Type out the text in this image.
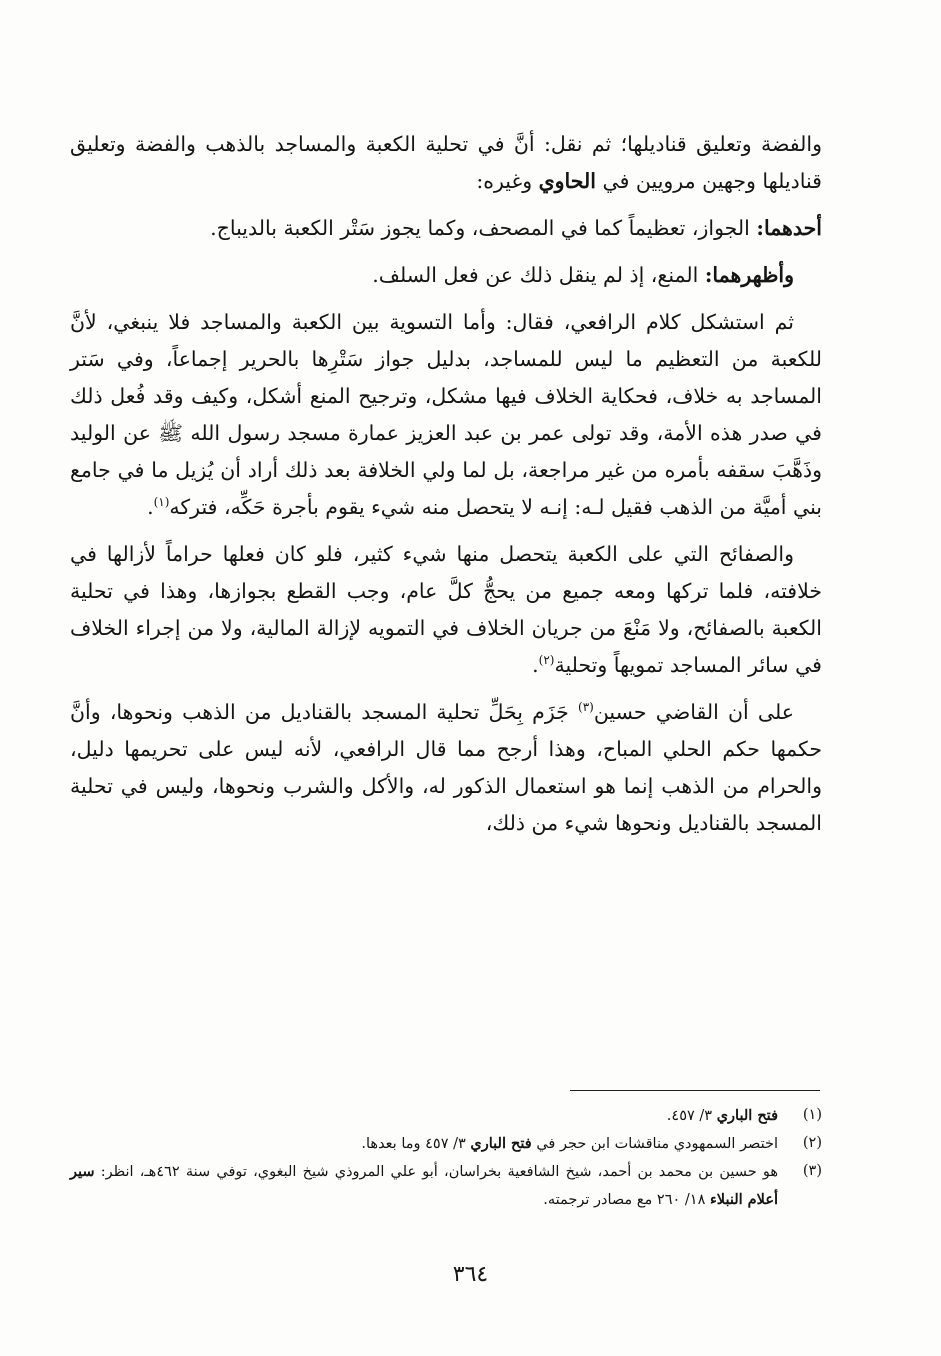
والفضة وتعليق قناديلها؛ ثم نقل: أنَّ في تحلية الكعبة والمساجد بالذهب والفضة وتعليق قناديلها وجهين مرويين في الحاوي وغيره:

أحدهما: الجواز، تعظيماً كما في المصحف، وكما يجوز سَتْر الكعبة بالديباج.

وأظهرهما: المنع، إذ لم ينقل ذلك عن فعل السلف.

ثم استشكل كلام الرافعي، فقال: وأما التسوية بين الكعبة والمساجد فلا ينبغي، لأنَّ للكعبة من التعظيم ما ليس للمساجد، بدليل جواز سَتْرِها بالحرير إجماعاً، وفي سَتر المساجد به خلاف، فحكاية الخلاف فيها مشكل، وترجيح المنع أشكل، وكيف وقد فُعل ذلك في صدر هذه الأمة، وقد تولى عمر بن عبد العزيز عمارة مسجد رسول الله ﷺ عن الوليد وذَهَّبَ سقفه بأمره من غير مراجعة، بل لما ولي الخلافة بعد ذلك أراد أن يُزيل ما في جامع بني أميَّة من الذهب فقيل لـه: إنـه لا يتحصل منه شيء يقوم بأجرة حَكِّه، فتركه$^{(١)}$.

والصفائح التي على الكعبة يتحصل منها شيء كثير، فلو كان فعلها حراماً لأزالها في خلافته، فلما تركها ومعه جميع من يحجُّ كلَّ عام، وجب القطع بجوازها، وهذا في تحلية الكعبة بالصفائح، ولا مَنْعَ من جريان الخلاف في التمويه لإزالة المالية، ولا من إجراء الخلاف في سائر المساجد تمويهاً وتحلية$^{(٢)}$.

على أن القاضي حسين$^{(٣)}$ جَزَم بِحَلِّ تحلية المسجد بالقناديل من الذهب ونحوها، وأنَّ حكمها حكم الحلي المباح، وهذا أرجح مما قال الرافعي، لأنه ليس على تحريمها دليل، والحرام من الذهب إنما هو استعمال الذكور له، والأكل والشرب ونحوها، وليس في تحلية المسجد بالقناديل ونحوها شيء من ذلك،

(١)
فتح الباري ٣/ ٤٥٧.
(٢)
اختصر السمهودي مناقشات ابن حجر في فتح الباري ٣/ ٤٥٧ وما بعدها.
(٣)
هو حسين بن محمد بن أحمد، شيخ الشافعية بخراسان، أبو علي المروذي شيخ البغوي، توفي سنة ٤٦٢هـ، انظر: سير أعلام النبلاء ١٨/ ٢٦٠ مع مصادر ترجمته.
٣٦٤
